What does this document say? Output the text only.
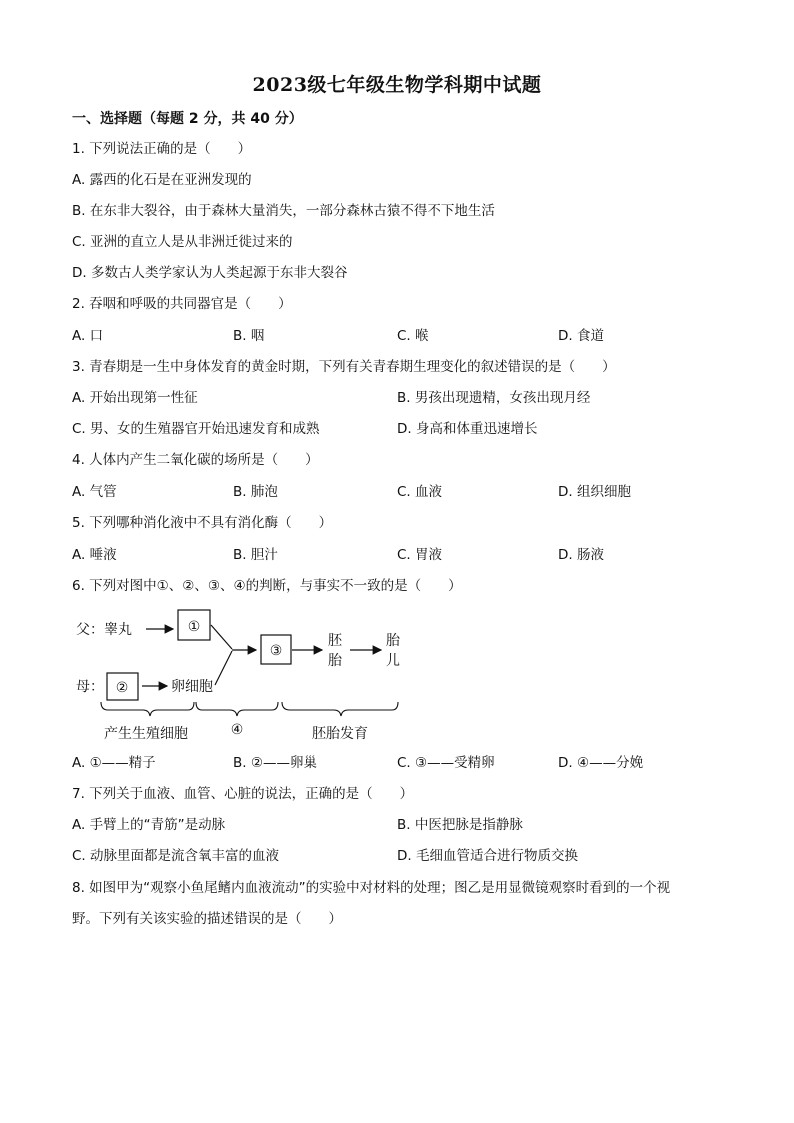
2023级七年级生物学科期中试题
一、选择题（每题 2 分，共 40 分）
1. 下列说法正确的是（　　）
A. 露西的化石是在亚洲发现的
B. 在东非大裂谷，由于森林大量消失，一部分森林古猿不得不下地生活
C. 亚洲的直立人是从非洲迁徙过来的
D. 多数古人类学家认为人类起源于东非大裂谷
2. 吞咽和呼吸的共同器官是（　　）
A. 口	B. 咽	C. 喉	D. 食道
3. 青春期是一生中身体发育的黄金时期，下列有关青春期生理变化的叙述错误的是（　　）
A. 开始出现第一性征	B. 男孩出现遗精，女孩出现月经
C. 男、女的生殖器官开始迅速发育和成熟	D. 身高和体重迅速增长
4. 人体内产生二氧化碳的场所是（　　）
A. 气管	B. 肺泡	C. 血液	D. 组织细胞
5. 下列哪种消化液中不具有消化酶（　　）
A. 唾液	B. 胆汁	C. 胃液	D. 肠液
6. 下列对图中①、②、③、④的判断，与事实不一致的是（　　）
父：睾丸	①
③
胚
胎
胎
儿
母： ②	卵细胞
产生生殖细胞	④	胚胎发育
A. ①——精子	B. ②——卵巢	C. ③——受精卵	D. ④——分娩
7. 下列关于血液、血管、心脏的说法，正确的是（　　）
A. 手臂上的“青筋”是动脉	B. 中医把脉是指静脉
C. 动脉里面都是流含氧丰富的血液	D. 毛细血管适合进行物质交换
8. 如图甲为“观察小鱼尾鳍内血液流动”的实验中对材料的处理；图乙是用显微镜观察时看到的一个视
野。下列有关该实验的描述错误的是（　　）
